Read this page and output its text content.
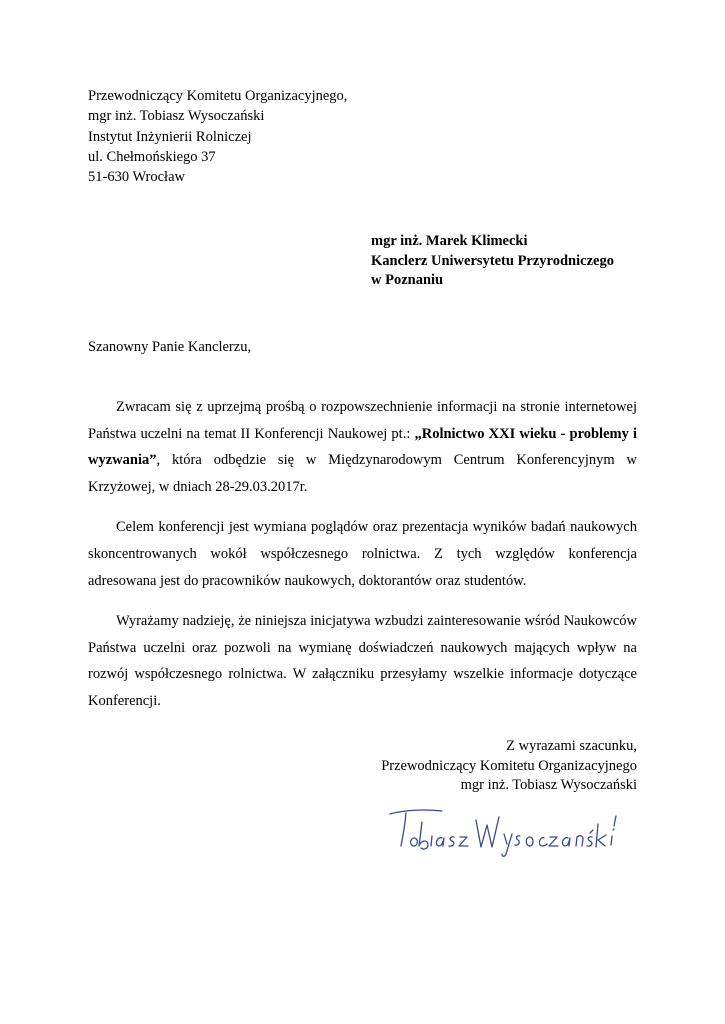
Przewodniczący Komitetu Organizacyjnego,
mgr inż. Tobiasz Wysoczański
Instytut Inżynierii Rolniczej
ul. Chełmońskiego 37
51-630 Wrocław
mgr inż. Marek Klimecki
Kanclerz Uniwersytetu Przyrodniczego
w Poznaniu
Szanowny Panie Kanclerzu,

Zwracam się z uprzejmą prośbą o rozpowszechnienie informacji na stronie internetowej Państwa uczelni na temat II Konferencji Naukowej pt.: „Rolnictwo XXI wieku - problemy i wyzwania”, która odbędzie się w Międzynarodowym Centrum Konferencyjnym w Krzyżowej, w dniach 28-29.03.2017r.

Celem konferencji jest wymiana poglądów oraz prezentacja wyników badań naukowych skoncentrowanych wokół współczesnego rolnictwa. Z tych względów konferencja adresowana jest do pracowników naukowych, doktorantów oraz studentów.

Wyrażamy nadzieję, że niniejsza inicjatywa wzbudzi zainteresowanie wśród Naukowców Państwa uczelni oraz pozwoli na wymianę doświadczeń naukowych mających wpływ na rozwój współczesnego rolnictwa. W załączniku przesyłamy wszelkie informacje dotyczące Konferencji.

Z wyrazami szacunku,
Przewodniczący Komitetu Organizacyjnego
mgr inż. Tobiasz Wysoczański
